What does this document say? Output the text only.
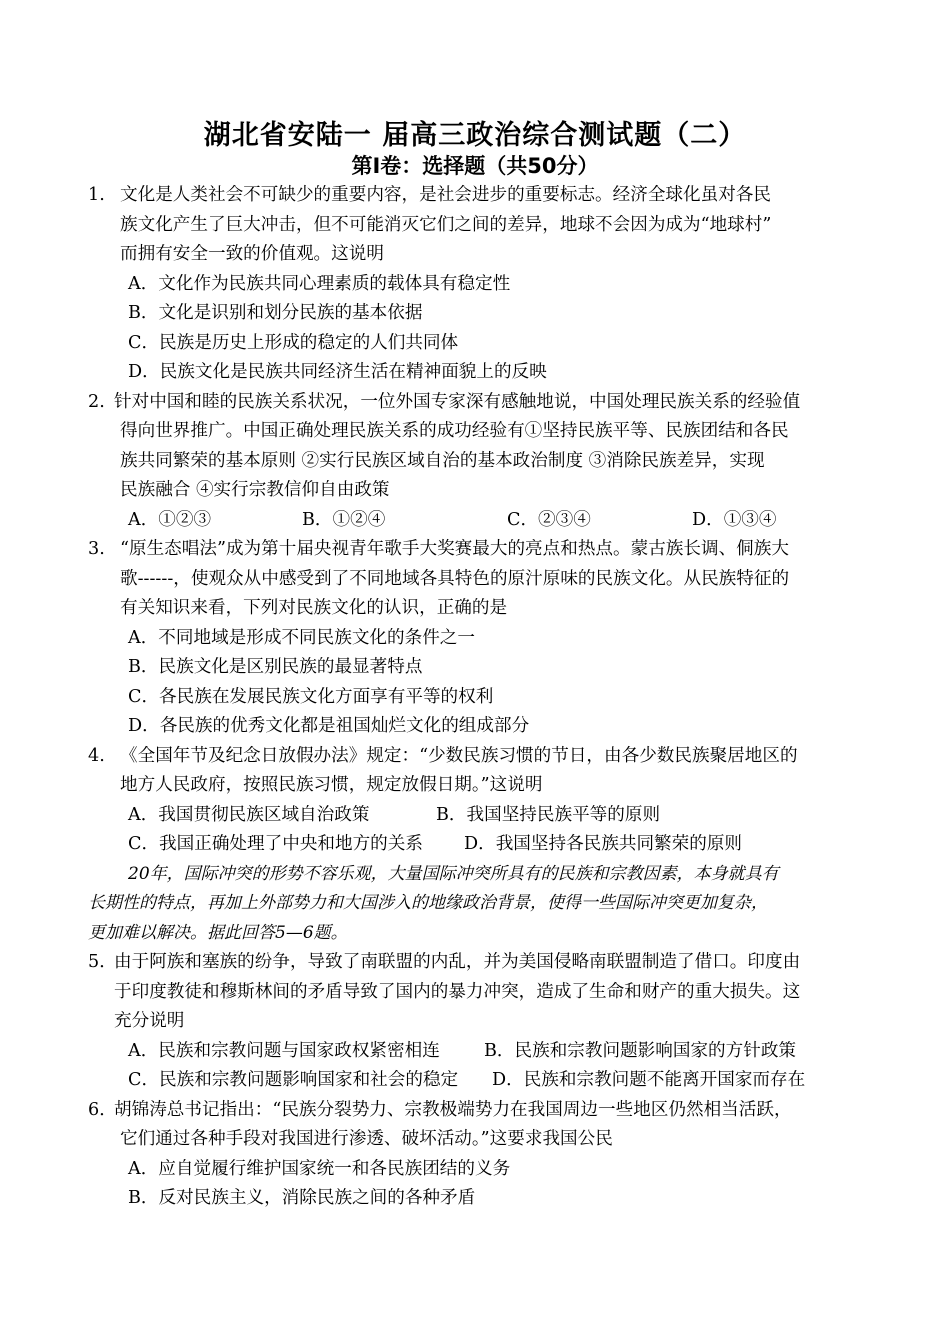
湖北省安陆一 届高三政治综合测试题（二）
第Ⅰ卷：选择题（共50分）
1. 文化是人类社会不可缺少的重要内容，是社会进步的重要标志。经济全球化虽对各民
族文化产生了巨大冲击，但不可能消灭它们之间的差异，地球不会因为成为“地球村”
而拥有安全一致的价值观。这说明
A．文化作为民族共同心理素质的载体具有稳定性
B．文化是识别和划分民族的基本依据
C．民族是历史上形成的稳定的人们共同体
D．民族文化是民族共同经济生活在精神面貌上的反映
2. 针对中国和睦的民族关系状况，一位外国专家深有感触地说，中国处理民族关系的经验值
得向世界推广。中国正确处理民族关系的成功经验有①坚持民族平等、民族团结和各民
族共同繁荣的基本原则 ②实行民族区域自治的基本政治制度 ③消除民族差异，实现
民族融合 ④实行宗教信仰自由政策
A．①②③	B．①②④	C．②③④	D．①③④
3. “原生态唱法”成为第十届央视青年歌手大奖赛最大的亮点和热点。蒙古族长调、侗族大
歌------，使观众从中感受到了不同地域各具特色的原汁原味的民族文化。从民族特征的
有关知识来看，下列对民族文化的认识，正确的是
A．不同地域是形成不同民族文化的条件之一
B．民族文化是区别民族的最显著特点
C．各民族在发展民族文化方面享有平等的权利
D．各民族的优秀文化都是祖国灿烂文化的组成部分
4. 《全国年节及纪念日放假办法》规定：“少数民族习惯的节日，由各少数民族聚居地区的
地方人民政府，按照民族习惯，规定放假日期。”这说明
A．我国贯彻民族区域自治政策	B．我国坚持民族平等的原则
C．我国正确处理了中央和地方的关系 D．我国坚持各民族共同繁荣的原则
20年，国际冲突的形势不容乐观，大量国际冲突所具有的民族和宗教因素，本身就具有
长期性的特点，再加上外部势力和大国涉入的地缘政治背景，使得一些国际冲突更加复杂，
更加难以解决。据此回答5—6题。
5．
由于阿族和塞族的纷争，导致了南联盟的内乱，并为美国侵略南联盟制造了借口。印度由
于印度教徒和穆斯林间的矛盾导致了国内的暴力冲突，造成了生命和财产的重大损失。这
充分说明
A．民族和宗教问题与国家政权紧密相连	B．民族和宗教问题影响国家的方针政策
C．民族和宗教问题影响国家和社会的稳定 D．民族和宗教问题不能离开国家而存在
6．
胡锦涛总书记指出：“民族分裂势力、宗教极端势力在我国周边一些地区仍然相当活跃，
它们通过各种手段对我国进行渗透、破坏活动。”这要求我国公民
A．应自觉履行维护国家统一和各民族团结的义务
B．反对民族主义，消除民族之间的各种矛盾
